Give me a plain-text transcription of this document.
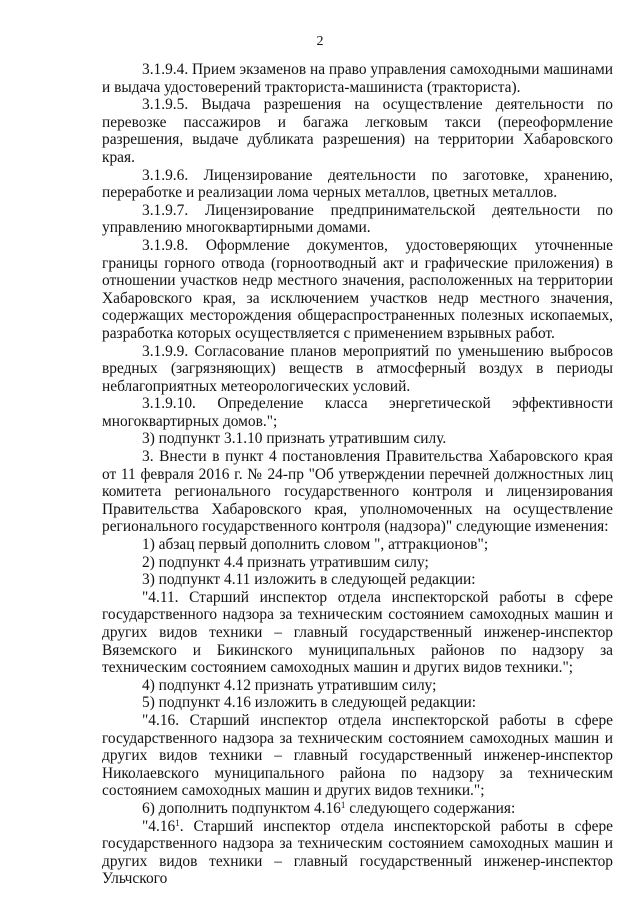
2

3.1.9.4. Прием экзаменов на право управления самоходными машинами и выдача удостоверений тракториста-машиниста (тракториста).

3.1.9.5. Выдача разрешения на осуществление деятельности по перевозке пассажиров и багажа легковым такси (переоформление разрешения, выдаче дубликата разрешения) на территории Хабаровского края.

3.1.9.6. Лицензирование деятельности по заготовке, хранению, переработке и реализации лома черных металлов, цветных металлов.

3.1.9.7. Лицензирование предпринимательской деятельности по управлению многоквартирными домами.

3.1.9.8. Оформление документов, удостоверяющих уточненные границы горного отвода (горноотводный акт и графические приложения) в отношении участков недр местного значения, расположенных на территории Хабаровского края, за исключением участков недр местного значения, содержащих месторождения общераспространенных полезных ископаемых, разработка которых осуществляется с применением взрывных работ.

3.1.9.9. Согласование планов мероприятий по уменьшению выбросов вредных (загрязняющих) веществ в атмосферный воздух в периоды неблагоприятных метеорологических условий.

3.1.9.10. Определение класса энергетической эффективности многоквартирных домов.";

3) подпункт 3.1.10 признать утратившим силу.

3. Внести в пункт 4 постановления Правительства Хабаровского края от 11 февраля 2016 г. № 24-пр "Об утверждении перечней должностных лиц комитета регионального государственного контроля и лицензирования Правительства Хабаровского края, уполномоченных на осуществление регионального государственного контроля (надзора)" следующие изменения:

1) абзац первый дополнить словом ", аттракционов";

2) подпункт 4.4 признать утратившим силу;

3) подпункт 4.11 изложить в следующей редакции:

"4.11. Старший инспектор отдела инспекторской работы в сфере государственного надзора за техническим состоянием самоходных машин и других видов техники – главный государственный инженер-инспектор Вяземского и Бикинского муниципальных районов по надзору за техническим состоянием самоходных машин и других видов техники.";

4) подпункт 4.12 признать утратившим силу;

5) подпункт 4.16 изложить в следующей редакции:

"4.16. Старший инспектор отдела инспекторской работы в сфере государственного надзора за техническим состоянием самоходных машин и других видов техники – главный государственный инженер-инспектор Николаевского муниципального района по надзору за техническим состоянием самоходных машин и других видов техники.";

6) дополнить подпунктом 4.16$^1$ следующего содержания:

"4.16$^1$. Старший инспектор отдела инспекторской работы в сфере государственного надзора за техническим состоянием самоходных машин и других видов техники – главный государственный инженер-инспектор Ульчского
